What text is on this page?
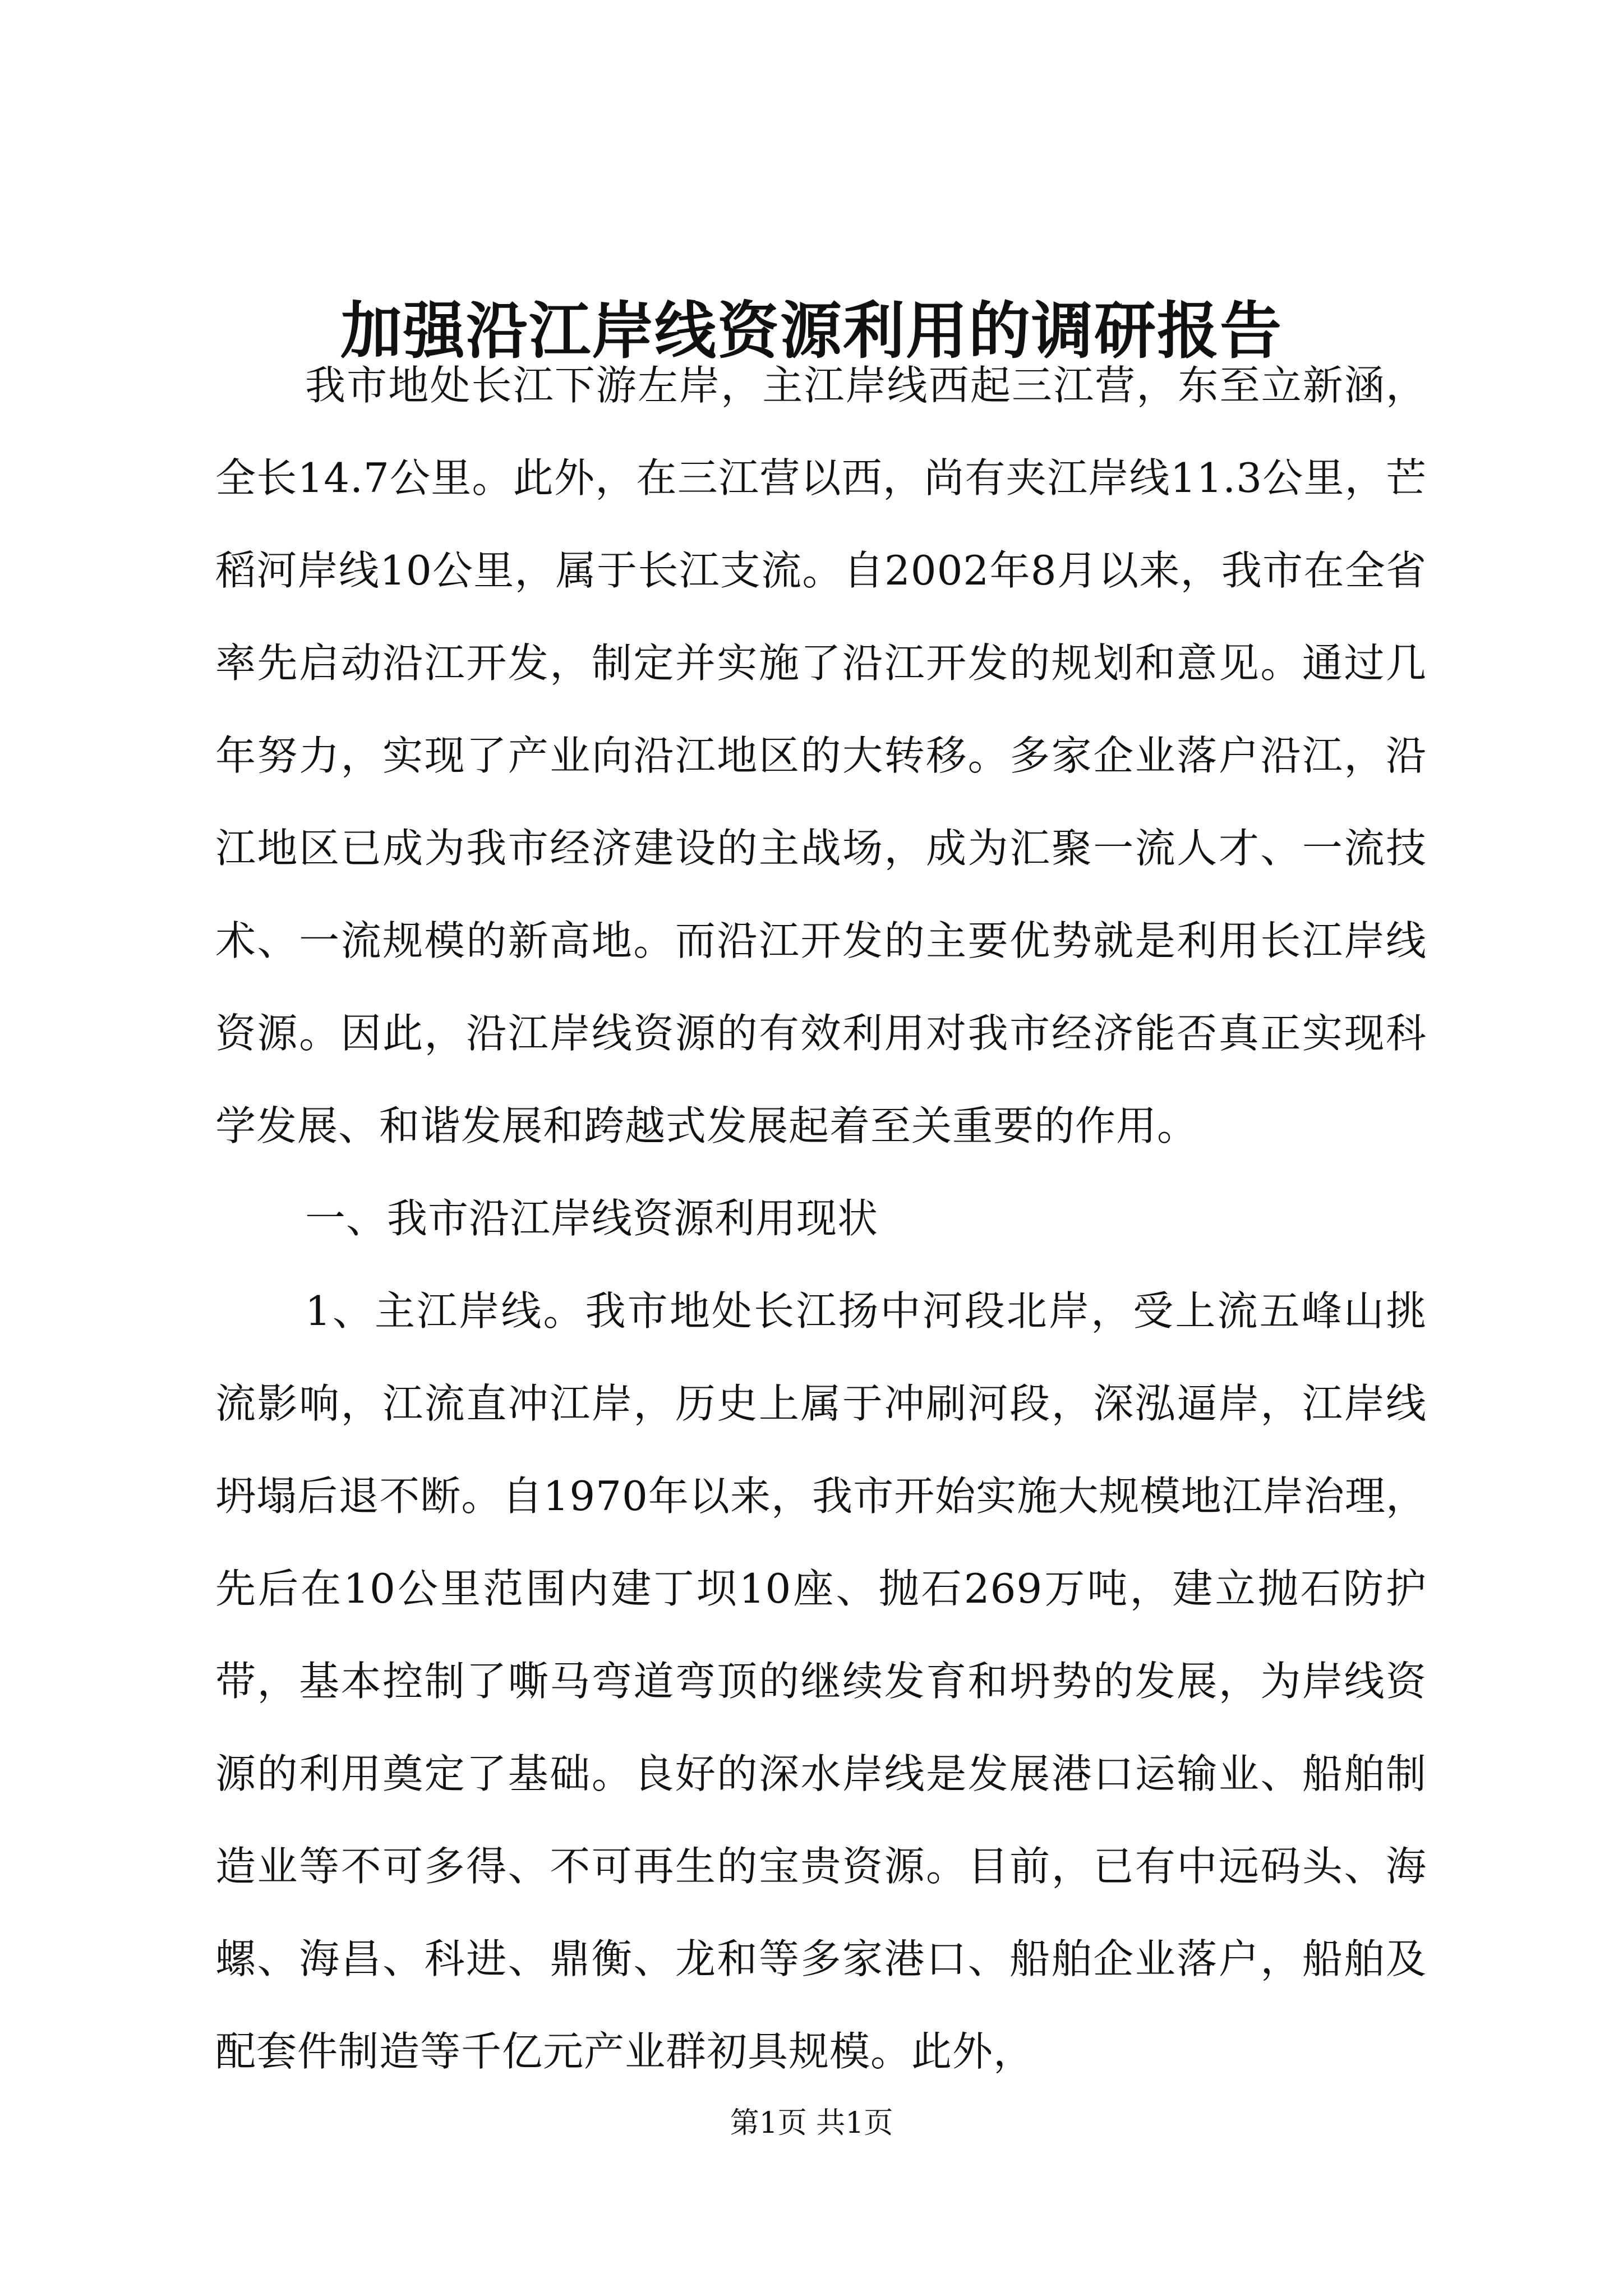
加强沿江岸线资源利用的调研报告

我市地处长江下游左岸，主江岸线西起三江营，东至立新涵，全长14.7公里。此外，在三江营以西，尚有夹江岸线11.3公里，芒稻河岸线10公里，属于长江支流。自2002年8月以来，我市在全省率先启动沿江开发，制定并实施了沿江开发的规划和意见。通过几年努力，实现了产业向沿江地区的大转移。多家企业落户沿江，沿江地区已成为我市经济建设的主战场，成为汇聚一流人才、一流技术、一流规模的新高地。而沿江开发的主要优势就是利用长江岸线资源。因此，沿江岸线资源的有效利用对我市经济能否真正实现科学发展、和谐发展和跨越式发展起着至关重要的作用。

一、我市沿江岸线资源利用现状

1、主江岸线。我市地处长江扬中河段北岸，受上流五峰山挑流影响，江流直冲江岸，历史上属于冲刷河段，深泓逼岸，江岸线坍塌后退不断。自1970年以来，我市开始实施大规模地江岸治理，先后在10公里范围内建丁坝10座、抛石269万吨，建立抛石防护带，基本控制了嘶马弯道弯顶的继续发育和坍势的发展，为岸线资源的利用奠定了基础。良好的深水岸线是发展港口运输业、船舶制造业等不可多得、不可再生的宝贵资源。目前，已有中远码头、海螺、海昌、科进、鼎衡、龙和等多家港口、船舶企业落户，船舶及配套件制造等千亿元产业群初具规模。此外，

第1页 共1页
